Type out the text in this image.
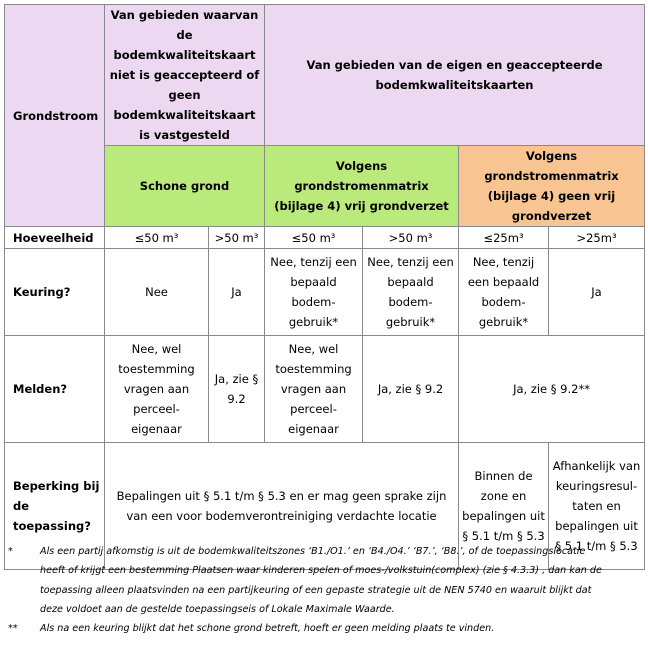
Grondstroom	Van gebieden waarvan de bodemkwaliteitskaart niet is geaccepteerd of geen bodemkwaliteitskaart is vastgesteld		Van gebieden van de eigen en geaccepteerde bodemkwaliteitskaarten			
	Schone grond		Volgens grondstromenmatrix (bijlage 4) vrij grondverzet		Volgens grondstromenmatrix (bijlage 4) geen vrij grondverzet	
Hoeveelheid	≤50 m³	>50 m³	≤50 m³	>50 m³	≤25m³	>25m³
Keuring?	Nee	Ja	Nee, tenzij een bepaald bodem-gebruik*	Nee, tenzij een bepaald bodem-gebruik*	Nee, tenzij een bepaald bodem-gebruik*	Ja
Melden?	Nee, wel toestemming vragen aan perceel-eigenaar	Ja, zie § 9.2	Nee, wel toestemming vragen aan perceel-eigenaar	Ja, zie § 9.2	Ja, zie § 9.2**	
Beperking bij de toepassing?	Bepalingen uit § 5.1 t/m § 5.3 en er mag geen sprake zijn van een voor bodemverontreiniging verdachte locatie				Binnen de zone en bepalingen uit § 5.1 t/m § 5.3	Afhankelijk van keuringsresul-taten en bepalingen uit § 5.1 t/m § 5.3
*	Als een partij afkomstig is uit de bodemkwaliteitszones ‘B1./O1.’ en ‘B4./O4.’ ‘B7.’, ‘B8.’, of de toepassingslocatie
heeft of krijgt een bestemming Plaatsen waar kinderen spelen of moes-/volkstuin(complex) (zie § 4.3.3) , dan kan de
toepassing alleen plaatsvinden na een partijkeuring of een gepaste strategie uit de NEN 5740 en waaruit blijkt dat
deze voldoet aan de gestelde toepassingseis of Lokale Maximale Waarde.
**	Als na een keuring blijkt dat het schone grond betreft, hoeft er geen melding plaats te vinden.
